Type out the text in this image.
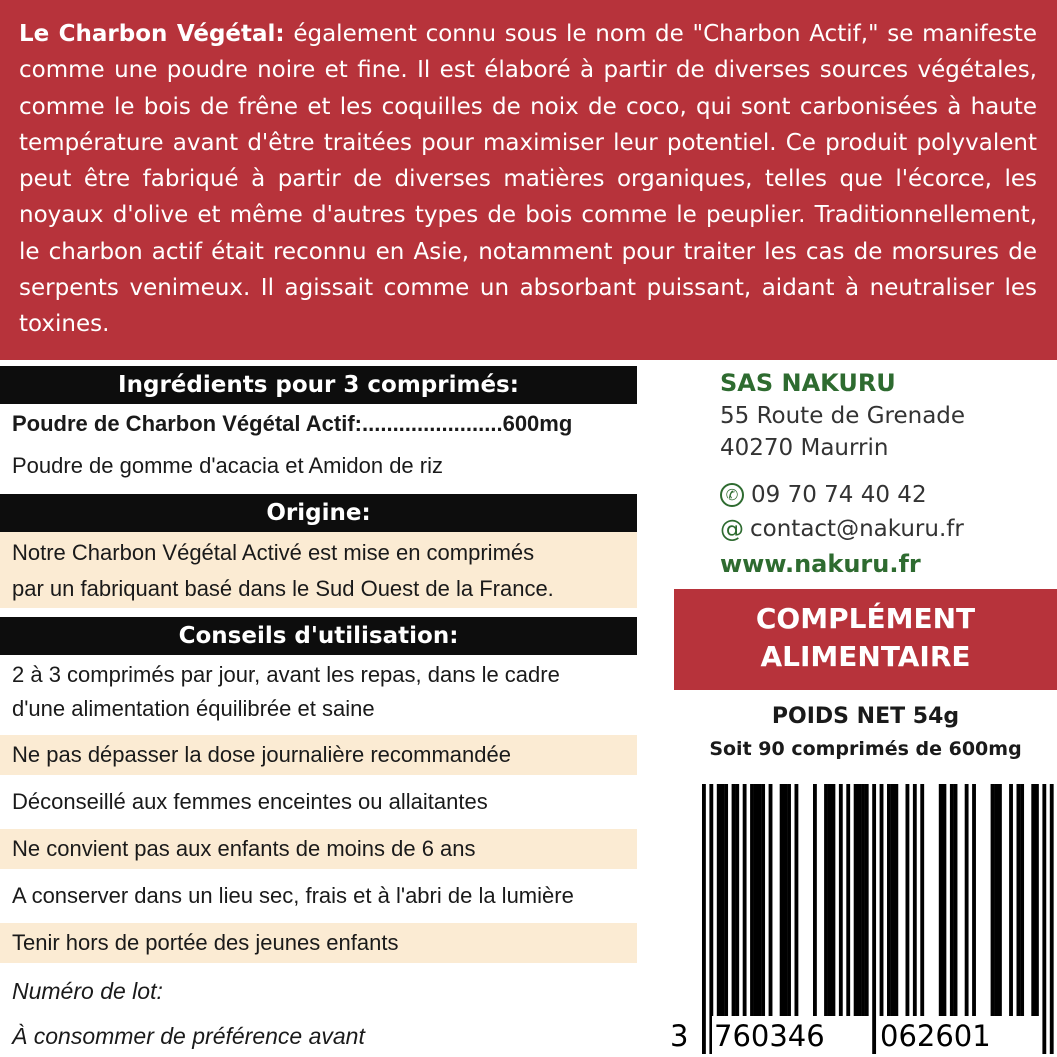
Le Charbon Végétal: également connu sous le nom de "Charbon Actif," se manifeste comme une poudre noire et fine. Il est élaboré à partir de diverses sources végétales, comme le bois de frêne et les coquilles de noix de coco, qui sont carbonisées à haute température avant d'être traitées pour maximiser leur potentiel. Ce produit polyvalent peut être fabriqué à partir de diverses matières organiques, telles que l'écorce, les noyaux d'olive et même d'autres types de bois comme le peuplier. Traditionnellement, le charbon actif était reconnu en Asie, notamment pour traiter les cas de morsures de serpents venimeux. Il agissait comme un absorbant puissant, aidant à neutraliser les toxines.
Ingrédients pour 3 comprimés:
Poudre de Charbon Végétal Actif:.......................600mg
Poudre de gomme d'acacia et Amidon de riz
Origine:
Notre Charbon Végétal Activé est mise en comprimés
par un fabriquant basé dans le Sud Ouest de la France.
Conseils d'utilisation:
2 à 3 comprimés par jour, avant les repas, dans le cadre
d'une alimentation équilibrée et saine
Ne pas dépasser la dose journalière recommandée
Déconseillé aux femmes enceintes ou allaitantes
Ne convient pas aux enfants de moins de 6 ans
A conserver dans un lieu sec, frais et à l'abri de la lumière
Tenir hors de portée des jeunes enfants
Numéro de lot:
À consommer de préférence avant
SAS NAKURU
55 Route de Grenade
40270 Maurrin
✆ 09 70 74 40 42
@ contact@nakuru.fr
www.nakuru.fr
COMPLÉMENT
ALIMENTAIRE
POIDS NET 54g
Soit 90 comprimés de 600mg
3 760346 062601
